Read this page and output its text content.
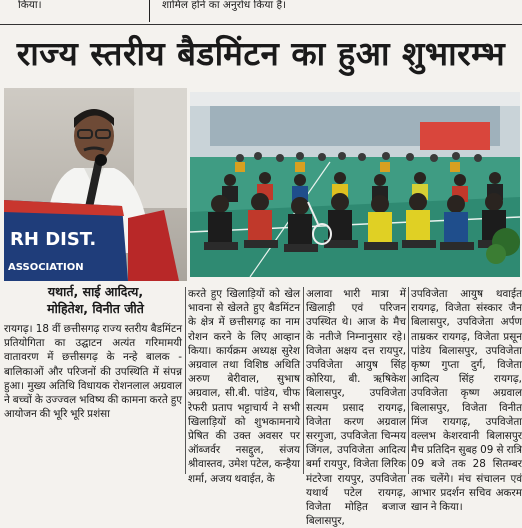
किया।	शामिल होने का अनुरोध किया है।
राज्य स्तरीय बैडमिंटन का हुआ शुभारम्भ
RH DIST.
ASSOCIATION
यथार्त, साई आदित्य,
मोहितेश, विनीत जीते
रायगढ़। 18 वीं छत्तीसगढ़ राज्य स्तरीय बैडमिंटन प्रतियोगिता का उद्घाटन अत्यंत गरिमामयी वातावरण में छत्तीसगढ़ के नन्हे बालक - बालिकाओं और परिजनों की उपस्थिति में संपन्न हुआ। मुख्य अतिथि विधायक रोशनलाल अग्रवाल ने बच्चों के उज्ज्वल भविष्य की कामना करते हुए आयोजन की भूरि भूरि प्रशंसा
करते हुए खिलाड़ियों को खेल भावना से खेलते हुए बैडमिंटन के क्षेत्र में छत्तीसगढ़ का नाम रोशन करने के लिए आव्हान किया। कार्यक्रम अध्यक्ष सुरेश अग्रवाल तथा विशिष्ठ अथिति अरुण बेरीवाल, सुभाष अग्रवाल, सी.बी. पांडेय, चीफ रेफरी प्रताप भट्टाचार्य ने सभी खिलाड़ियों को शुभकामनाये प्रेषित की उक्त अवसर पर ऑब्जर्वर नसद्दुल, संजय श्रीवास्तव, उमेश पटेल, कन्हैया शर्मा, अजय थवाईत, के
अलावा भारी मात्रा में खिलाड़ी एवं परिजन उपस्थित थे। आज के मैच के नतीजे निम्नानुसार रहे। विजेता अक्षय दत्त रायपुर, उपविजेता आयुष सिंह कोरिया, बी. ऋषिकेश बिलासपुर, उपविजेता सत्यम प्रसाद रायगढ़, विजेता करण अग्रवाल सरगुजा, उपविजेता चिन्मय जिंगल, उपविजेता आदित्य बर्मा रायपुर, विजेता लिरिक मंटरेजा रायपुर, उपविजेता यथार्थ पटेल रायगढ़, विजेता मोहित बजाज बिलासपुर,
उपविजेता आयुष थवाईत रायगढ़, विजेता संस्कार जैन बिलासपुर, उपविजेता अर्पण ताम्रकर रायगढ़, विजेता प्रसून पांडेय बिलासपुर, उपविजेता कृष्ण गुप्ता दुर्ग, विजेता आदित्य सिंह रायगढ़, उपविजेता कृष्ण अग्रवाल बिलासपुर, विजेता विनीत मिंज रायगढ़, उपविजेता वल्लभ केशरवानी बिलासपुर मैच प्रतिदिन सुबह 09 से रात्रि 09 बजे तक 28 सितम्बर तक चलेंगे। मंच संचालन एवं आभार प्रदर्शन सचिव अकरम खान ने किया।
